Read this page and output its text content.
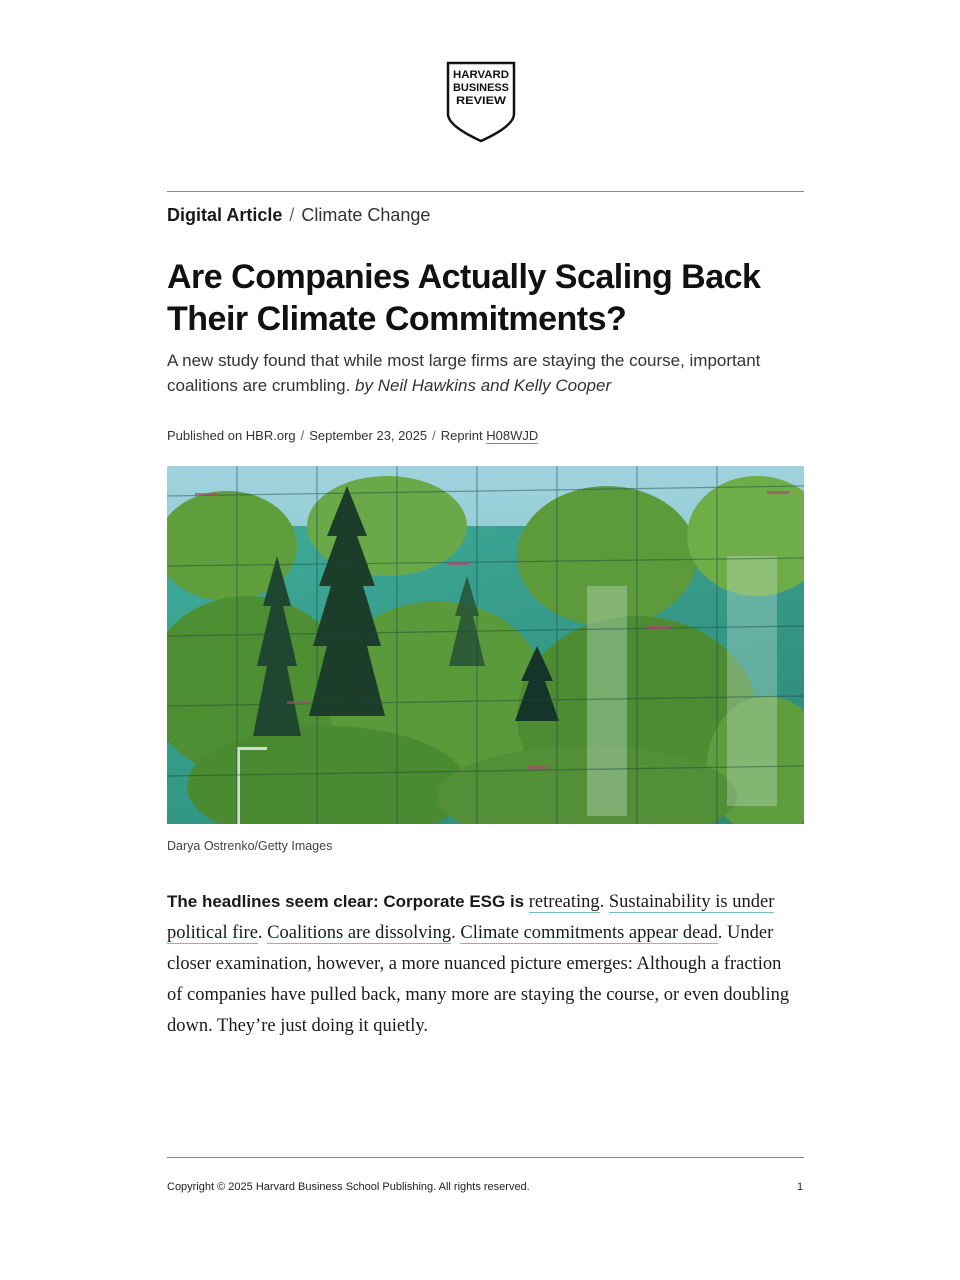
HARVARD
BUSINESS
REVIEW
Digital Article / Climate Change
Are Companies Actually Scaling Back Their Climate Commitments?
A new study found that while most large firms are staying the course, important coalitions are crumbling. by Neil Hawkins and Kelly Cooper
Published on HBR.org / September 23, 2025 / Reprint H08WJD
Darya Ostrenko/Getty Images
The headlines seem clear: Corporate ESG is retreating. Sustainability is under political fire. Coalitions are dissolving. Climate commitments appear dead. Under closer examination, however, a more nuanced picture emerges: Although a fraction of companies have pulled back, many more are staying the course, or even doubling down. They’re just doing it quietly.
Copyright © 2025 Harvard Business School Publishing. All rights reserved.	1
